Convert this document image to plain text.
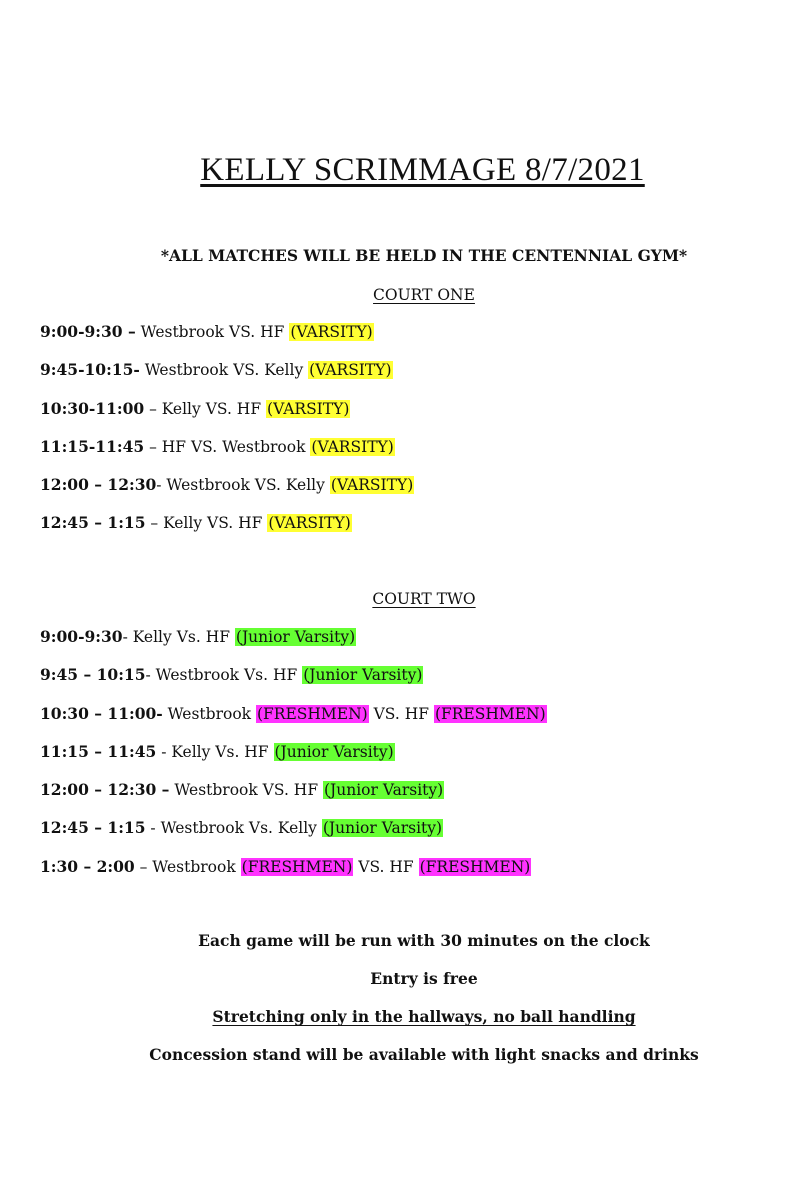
KELLY SCRIMMAGE 8/7/2021
*ALL MATCHES WILL BE HELD IN THE CENTENNIAL GYM*
COURT ONE
9:00-9:30 – Westbrook VS. HF (VARSITY)
9:45-10:15- Westbrook VS. Kelly (VARSITY)
10:30-11:00 – Kelly VS. HF (VARSITY)
11:15-11:45 – HF VS. Westbrook (VARSITY)
12:00 – 12:30- Westbrook VS. Kelly (VARSITY)
12:45 – 1:15 – Kelly VS. HF (VARSITY)
COURT TWO
9:00-9:30- Kelly Vs. HF (Junior Varsity)
9:45 – 10:15- Westbrook Vs. HF (Junior Varsity)
10:30 – 11:00- Westbrook (FRESHMEN) VS. HF (FRESHMEN)
11:15 – 11:45 - Kelly Vs. HF (Junior Varsity)
12:00 – 12:30 – Westbrook VS. HF (Junior Varsity)
12:45 – 1:15 - Westbrook Vs. Kelly (Junior Varsity)
1:30 – 2:00 – Westbrook (FRESHMEN) VS. HF (FRESHMEN)
Each game will be run with 30 minutes on the clock
Entry is free
Stretching only in the hallways, no ball handling
Concession stand will be available with light snacks and drinks
